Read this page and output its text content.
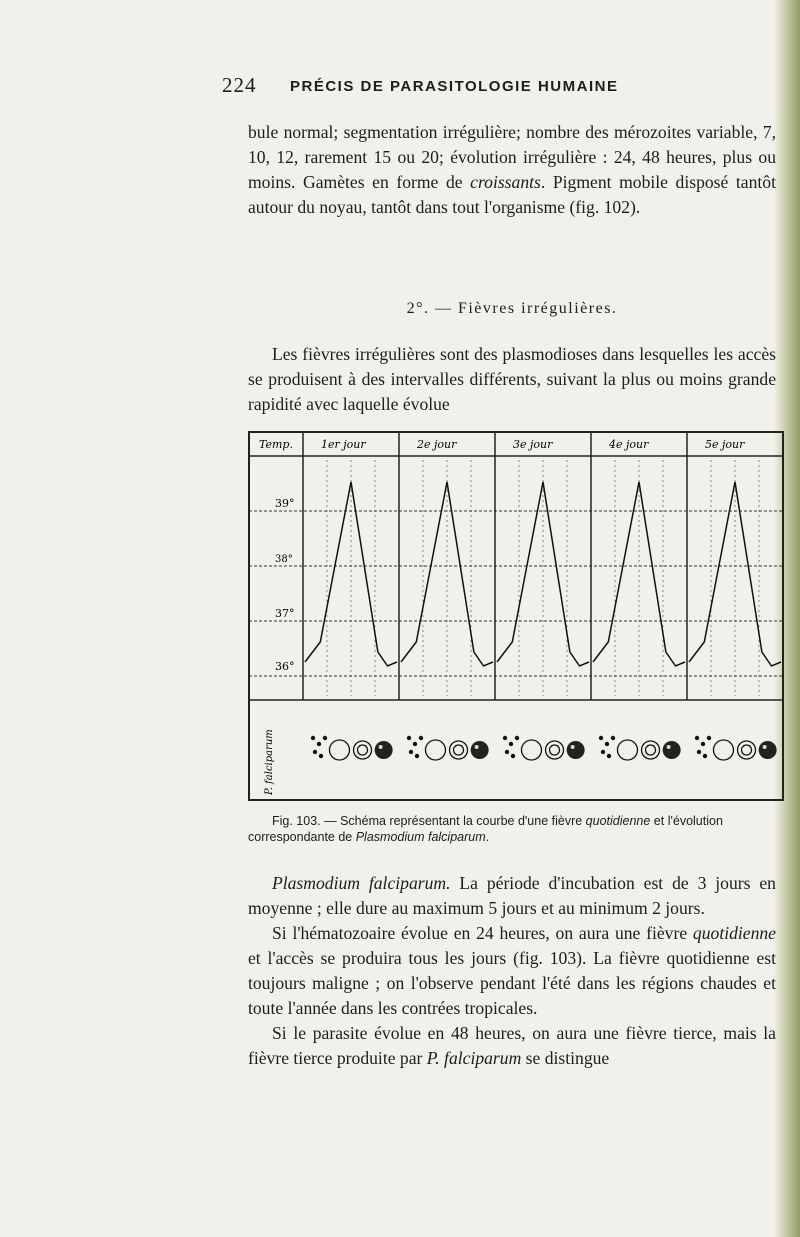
224 PRÉCIS DE PARASITOLOGIE HUMAINE

bule normal; segmentation irrégulière; nombre des mérozoites variable, 7, 10, 12, rarement 15 ou 20; évolution irrégulière : 24, 48 heures, plus ou moins. Gamètes en forme de croissants. Pigment mobile disposé tantôt autour du noyau, tantôt dans tout l'organisme (fig. 102).

2°. — Fièvres irrégulières.

Les fièvres irrégulières sont des plasmodioses dans lesquelles les accès se produisent à des intervalles différents, suivant la plus ou moins grande rapidité avec laquelle évolue

Temp.
39°
38°
37°
36°
P. falciparum
1er jour	2e jour	3e jour	4e jour	5e jour
Fig. 103. — Schéma représentant la courbe d'une fièvre quotidienne et l'évolution correspondante de Plasmodium falciparum.
Plasmodium falciparum. La période d'incubation est de 3 jours en moyenne ; elle dure au maximum 5 jours et au minimum 2 jours.
Si l'hématozoaire évolue en 24 heures, on aura une fièvre quotidienne et l'accès se produira tous les jours (fig. 103). La fièvre quotidienne est toujours maligne ; on l'observe pendant l'été dans les régions chaudes et toute l'année dans les contrées tropicales.
Si le parasite évolue en 48 heures, on aura une fièvre tierce, mais la fièvre tierce produite par P. falciparum se distingue
